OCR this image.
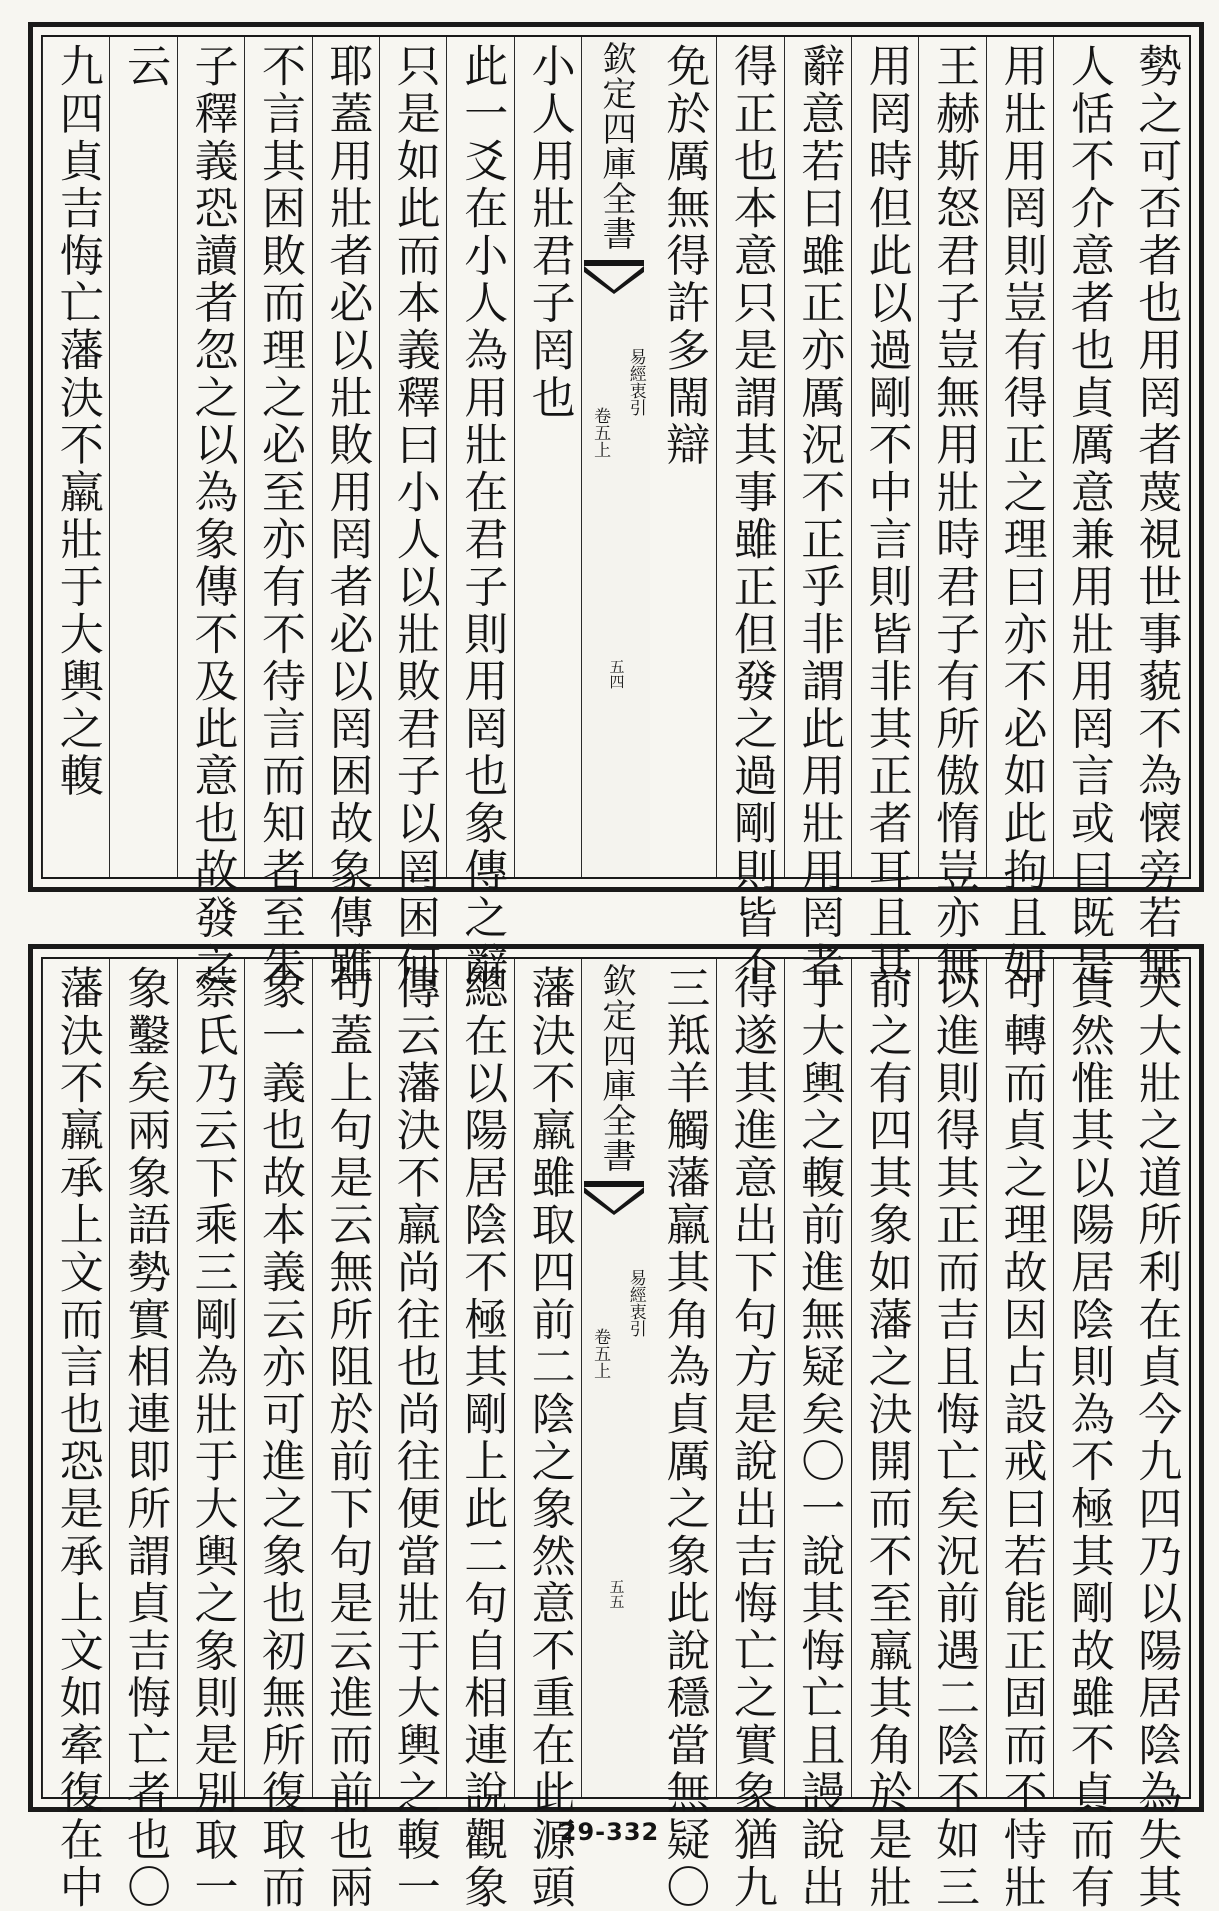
勢之可否者也用罔者蔑視世事藐不為懐旁若無
人恬不介意者也貞厲意兼用壯用罔言或曰既是
用壯用罔則豈有得正之理曰亦不必如此拘且如
王赫斯怒君子豈無用壯時君子有所傲惰豈亦無
用罔時但此以過剛不中言則皆非其正者耳且其
辭意若曰雖正亦厲況不正乎非謂此用壯用罔者
得正也本意只是謂其事雖正但發之過剛則皆不
免於厲無得許多閙辯
欽定四庫全書
易經衷引
卷五上
五四
小人用壯君子罔也
此一爻在小人為用壯在君子則用罔也象傳之辭
只是如此而本義釋曰小人以壯敗君子以罔困何
耶蓋用壯者必以壯敗用罔者必以罔困故象傳雖
不言其困敗而理之必至亦有不待言而知者至朱
子釋義恐讀者忽之以為象傳不及此意也故發之
云
九四貞吉悔亡藩決不羸壯于大輿之輹
夫大壯之道所利在貞今九四乃以陽居陰為失其
貞然惟其以陽居陰則為不極其剛故雖不貞而有
可轉而貞之理故因占設戒曰若能正固而不恃壯
以進則得其正而吉且悔亡矣況前遇二陰不如三
前之有四其象如藩之決開而不至羸其角於是壯
于大輿之輹前進無疑矣〇一說其悔亡且謾說出
得遂其進意出下句方是說出吉悔亡之實象猶九
三羝羊觸藩羸其角為貞厲之象此說穩當無疑〇
欽定四庫全書
易經衷引
卷五上
五五
藩決不羸雖取四前二陰之象然意不重在此源頭
總在以陽居陰不極其剛上此二句自相連說觀象
傳云藩決不羸尚往也尚往便當壯于大輿之輹一
句蓋上句是云無所阻於前下句是云進而前也兩
象一義也故本義云亦可進之象也初無所復取而
蔡氏乃云下乘三剛為壯于大輿之象則是別取一
象鑿矣兩象語勢實相連即所謂貞吉悔亡者也〇
藩決不羸承上文而言也恐是承上文如牽復在中	29-332
